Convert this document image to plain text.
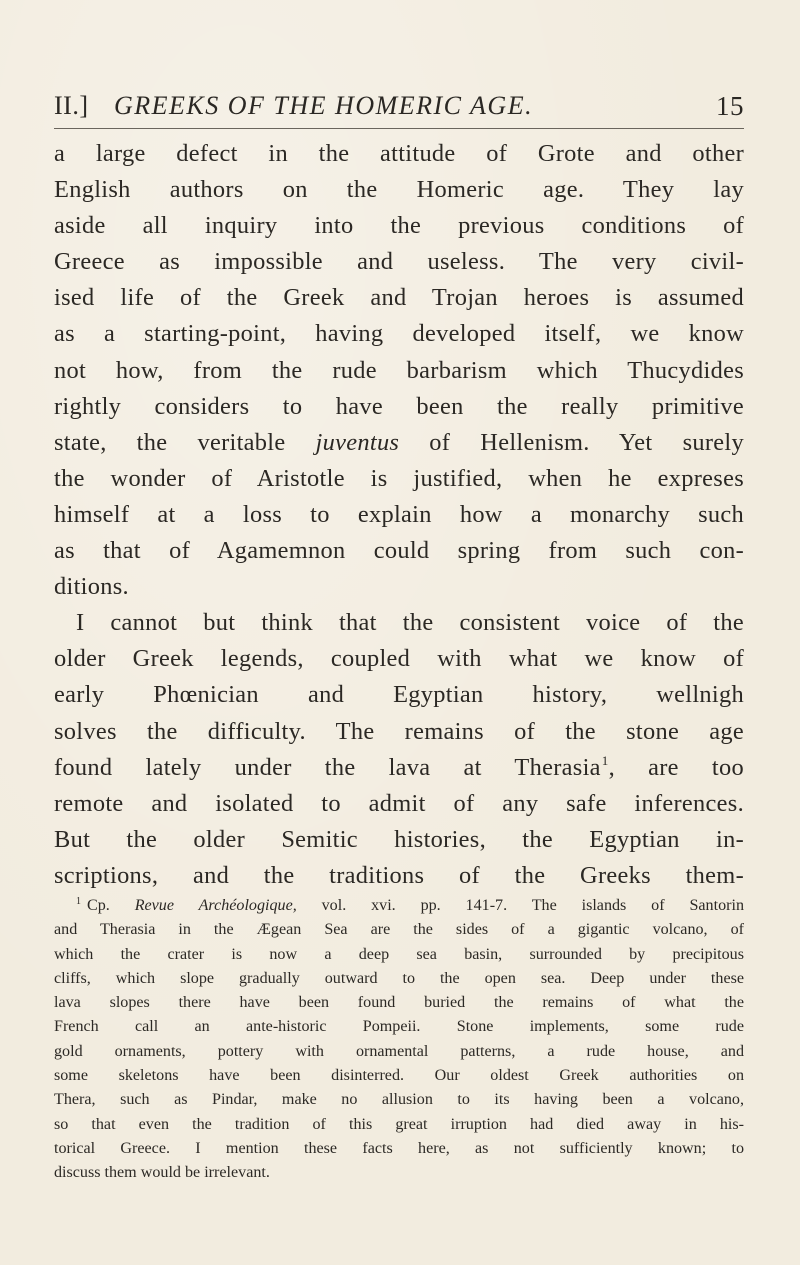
II.] GREEKS OF THE HOMERIC AGE.	15
a large defect in the attitude of Grote and other
English authors on the Homeric age. They lay
aside all inquiry into the previous conditions of
Greece as impossible and useless. The very civil-
ised life of the Greek and Trojan heroes is assumed
as a starting-point, having developed itself, we know
not how, from the rude barbarism which Thucydides
rightly considers to have been the really primitive
state, the veritable juventus of Hellenism. Yet surely
the wonder of Aristotle is justified, when he expreses
himself at a loss to explain how a monarchy such
as that of Agamemnon could spring from such con-
ditions.
I cannot but think that the consistent voice of the
older Greek legends, coupled with what we know of
early Phœnician and Egyptian history, wellnigh
solves the difficulty. The remains of the stone age
found lately under the lava at Therasia$^1$, are too
remote and isolated to admit of any safe inferences.
But the older Semitic histories, the Egyptian in-
scriptions, and the traditions of the Greeks them-
$^1$ Cp. Revue Archéologique, vol. xvi. pp. 141-7. The islands of Santorin
and Therasia in the Ægean Sea are the sides of a gigantic volcano, of
which the crater is now a deep sea basin, surrounded by precipitous
cliffs, which slope gradually outward to the open sea. Deep under these
lava slopes there have been found buried the remains of what the
French call an ante-historic Pompeii. Stone implements, some rude
gold ornaments, pottery with ornamental patterns, a rude house, and
some skeletons have been disinterred. Our oldest Greek authorities on
Thera, such as Pindar, make no allusion to its having been a volcano,
so that even the tradition of this great irruption had died away in his-
torical Greece. I mention these facts here, as not sufficiently known; to
discuss them would be irrelevant.
